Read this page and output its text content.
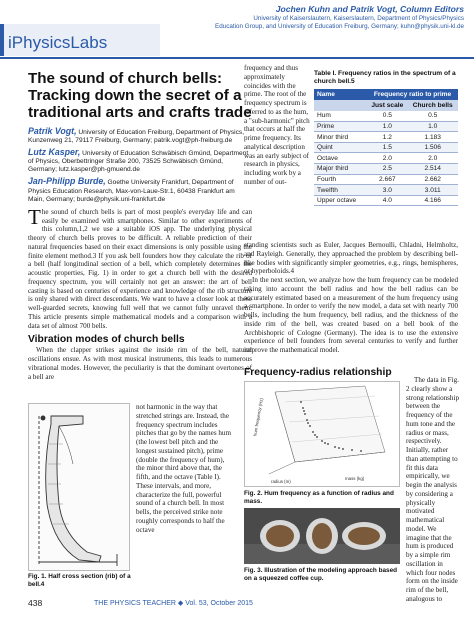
iPhysicsLabs
Jochen Kuhn and Patrik Vogt, Column Editors
University of Kaiserslautern, Kaiserslautern, Department of Physics/Physics
Education Group, and University of Education Freiburg, Germany; kuhn@physik.uni-kl.de
The sound of church bells: Tracking down the secret of a traditional arts and crafts trade
Patrik Vogt, University of Education Freiburg, Department of Physics, Kunzenweg 21, 79117 Freiburg, Germany; patrik.vogt@ph-freiburg.de
Lutz Kasper, University of Education Schwäbisch Gmünd, Department of Physics, Oberbettringer Straße 200, 73525 Schwäbisch Gmünd, Germany; lutz.kasper@ph-gmuend.de
Jan-Philipp Burde, Goethe University Frankfurt, Department of Physics Education Research, Max-von-Laue-Str.1, 60438 Frankfurt am Main, Germany; burde@physik.uni-frankfurt.de
The sound of church bells is part of most people's everyday life and can easily be examined with smartphones. Similar to other experiments of this column,1,2 we use a suitable iOS app. The underlying physical theory of church bells proves to be difficult. A reliable prediction of their natural frequencies based on their exact dimensions is only possible using the finite element method.3 If you ask bell founders how they calculate the rib of a bell (half longitudinal section of a bell, which completely determines the acoustic properties, Fig. 1) in order to get a church bell with the desired frequency spectrum, you will certainly not get an answer: the art of bell casting is based on centuries of experience and knowledge of the rib structure is only shared with direct descendants. We want to have a closer look at these well-guarded secrets, knowing full well that we cannot fully unravel them. This article presents simple mathematical models and a comparison with a data set of almost 700 bells.
Vibration modes of church bells
When the clapper strikes against the inside rim of the bell, natural oscillations ensue. As with most musical instruments, this leads to numerous vibrational modes. However, the peculiarity is that the dominant overtones of a bell are
frequency and thus approximately coincides with the prime. The root of the frequency spectrum is referred to as the hum, a "sub-harmonic" pitch that occurs at half the prime frequency. Its analytical description was an early subject of research in physics, including work by a number of out-
Table I. Frequency ratios in the spectrum of a church bell.5
Name	Frequency ratio to prime	
	Just scale	Church bells
Hum	0.5	0.5
Prime	1.0	1.0
Minor third	1.2	1.183
Quint	1.5	1.506
Octave	2.0	2.0
Major third	2.5	2.514
Fourth	2.667	2.662
Twelfth	3.0	3.011
Upper octave	4.0	4.166
standing scientists such as Euler, Jacques Bernoulli, Chladni, Helmholtz, and Rayleigh. Generally, they approached the problem by describing bell-like bodies with significantly simpler geometries, e.g., rings, hemispheres, or hyperboloids.4
In the next section, we analyze how the hum frequency can be modeled taking into account the bell radius and how the bell radius can be accurately estimated based on a measurement of the hum frequency using a smartphone. In order to verify the new model, a data set with nearly 700 bells, including the hum frequency, bell radius, and the thickness of the inside rim of the bell, was created based on a bell book of the Archbishopric of Cologne (Germany). The idea is to use the extensive experience of bell founders from several centuries to verify and further improve the mathematical model.
Frequency-radius relationship
Fig. 1. Half cross section (rib) of a bell.4
not harmonic in the way that stretched strings are. Instead, the frequency spectrum includes pitches that go by the names hum (the lowest bell pitch and the longest sustained pitch), prime (double the frequency of hum), the minor third above that, the fifth, and the octave (Table I). These intervals, and more, characterize the full, powerful sound of a church bell. In most bells, the perceived strike note roughly corresponds to half the octave
hum frequency (Hz)
radius (m)
mass (kg)
Fig. 2. Hum frequency as a function of radius and mass.
Fig. 3. Illustration of the modeling approach based on a squeezed coffee cup.
The data in Fig. 2 clearly show a strong relationship between the frequency of the hum tone and the radius or mass, respectively. Initially, rather than attempting to fit this data empirically, we begin the analysis by considering a physically motivated mathematical model. We imagine that the hum is produced by a simple rim oscillation in which four nodes form on the inside rim of the bell, analogous to
438	THE PHYSICS TEACHER ◆ Vol. 53, October 2015
